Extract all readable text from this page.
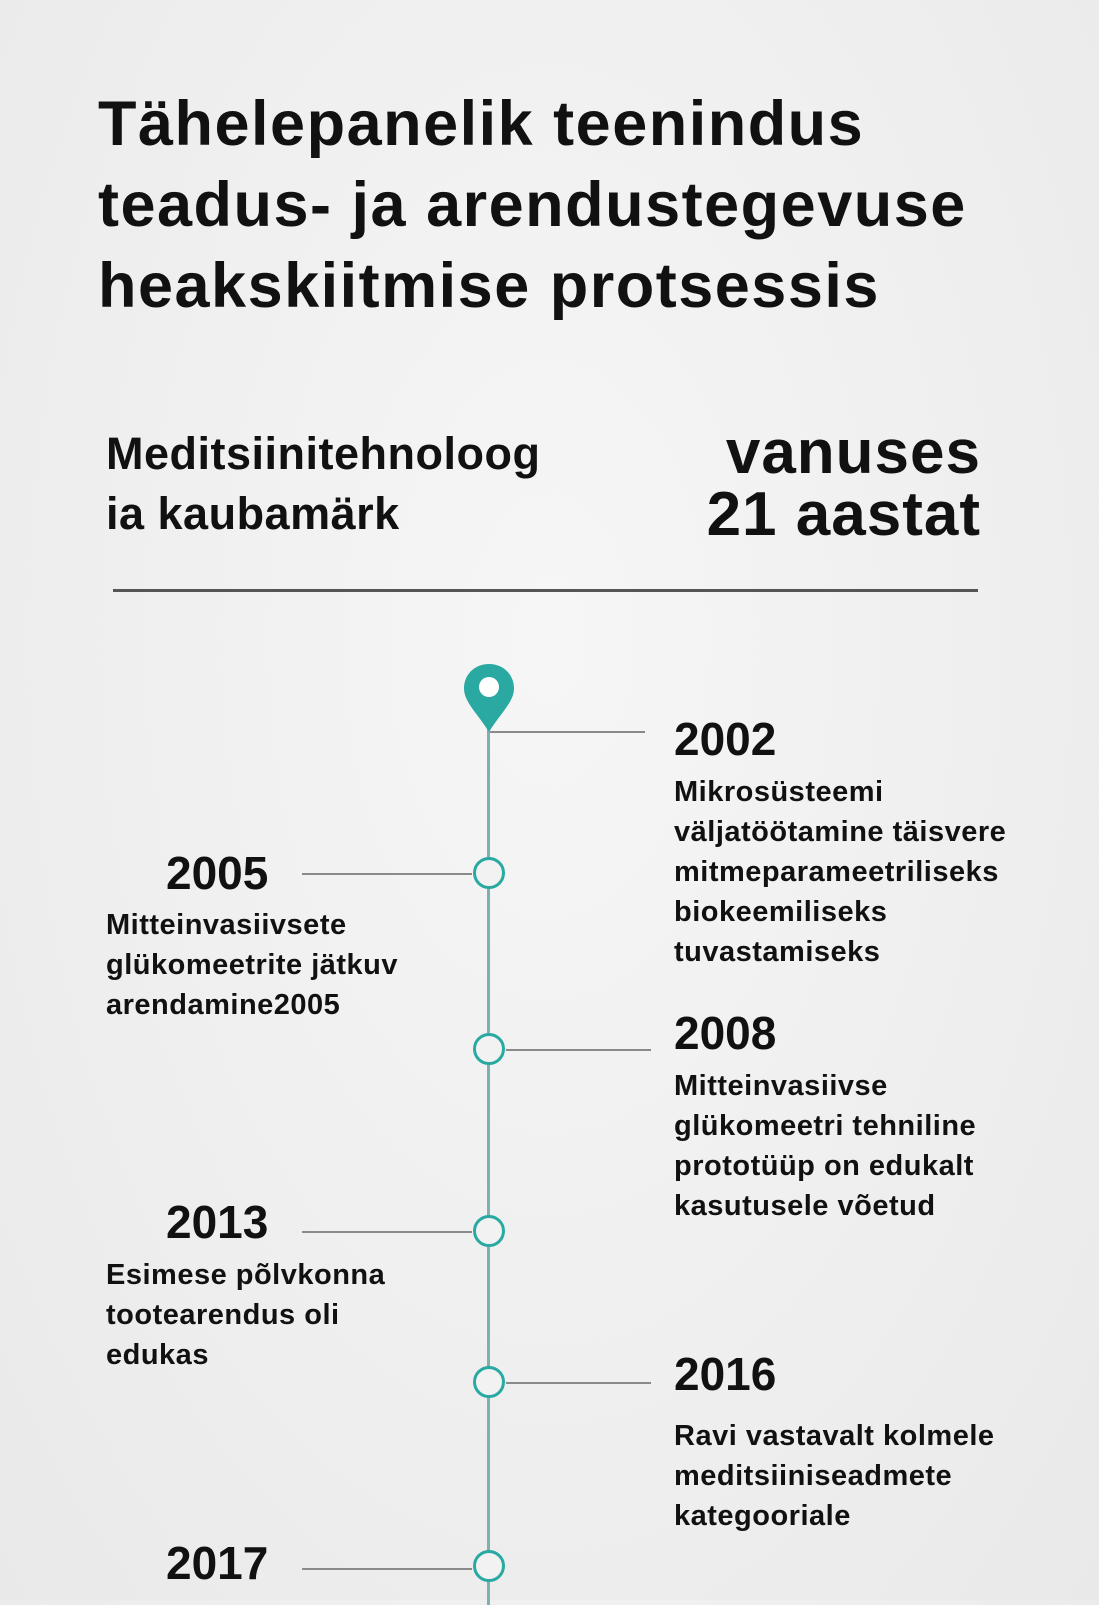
Tähelepanelik teenindus
teadus- ja arendustegevuse
heakskiitmise protsessis
Meditsiinitehnoloog
ia kaubamärk
vanuses
21 aastat
2002
Mikrosüsteemi
väljatöötamine täisvere
mitmeparameetriliseks
biokeemiliseks
tuvastamiseks
2005
Mitteinvasiivsete
glükomeetrite jätkuv
arendamine2005
2008
Mitteinvasiivse
glükomeetri tehniline
prototüüp on edukalt
kasutusele võetud
2013
Esimese põlvkonna
tootearendus oli
edukas	2016
Ravi vastavalt kolmele
meditsiiniseadmete
kategooriale
2017
